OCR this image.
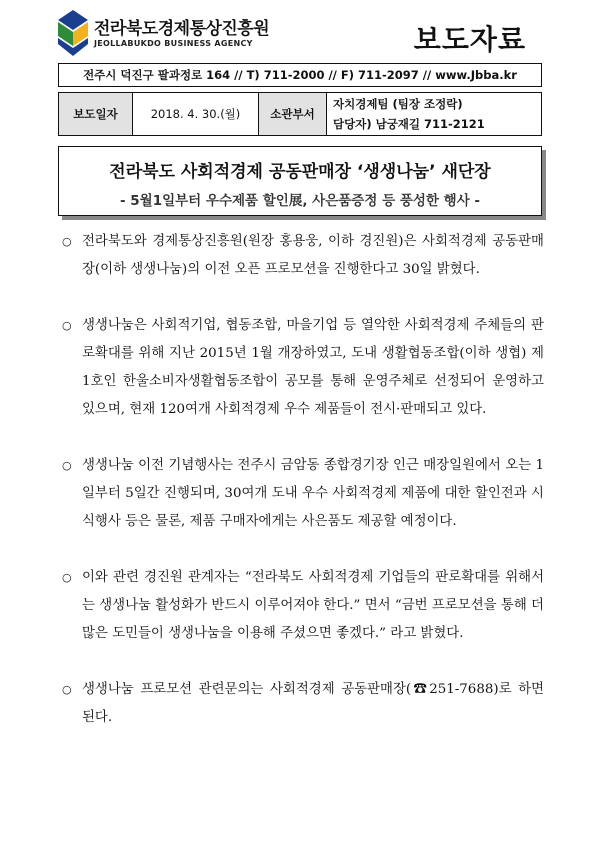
전라북도경제통상진흥원
JEOLLABUKDO BUSINESS AGENCY	보도자료
전주시 덕진구 팔과정로 164 // T) 711-2000 // F) 711-2097 // www.Jbba.kr
보도일자	2018. 4. 30.(월)	소관부서	
자치경제팀 (팀장 조정락)
담당자) 남궁재길 711-2121
전라북도 사회적경제 공동판매장 ‘생생나눔’ 새단장
- 5월1일부터 우수제품 할인展, 사은품증정 등 풍성한 행사 -
○ 전라북도와 경제통상진흥원(원장 홍용웅, 이하 경진원)은 사회적경제 공동판매장(이하 생생나눔)의 이전 오픈 프로모션을 진행한다고 30일 밝혔다.
○ 생생나눔은 사회적기업, 협동조합, 마을기업 등 열악한 사회적경제 주체들의 판로확대를 위해 지난 2015년 1월 개장하였고, 도내 생활협동조합(이하 생협) 제1호인 한울소비자생활협동조합이 공모를 통해 운영주체로 선정되어 운영하고 있으며, 현재 120여개 사회적경제 우수 제품들이 전시·판매되고 있다.
○ 생생나눔 이전 기념행사는 전주시 금암동 종합경기장 인근 매장일원에서 오는 1일부터 5일간 진행되며, 30여개 도내 우수 사회적경제 제품에 대한 할인전과 시식행사 등은 물론, 제품 구매자에게는 사은품도 제공할 예정이다.
○ 이와 관련 경진원 관계자는 “전라북도 사회적경제 기업들의 판로확대를 위해서는 생생나눔 활성화가 반드시 이루어져야 한다.” 면서 “금번 프로모션을 통해 더 많은 도민들이 생생나눔을 이용해 주셨으면 좋겠다.” 라고 밝혔다.
○ 생생나눔 프로모션 관련문의는 사회적경제 공동판매장(☎251-7688)로 하면 된다.
